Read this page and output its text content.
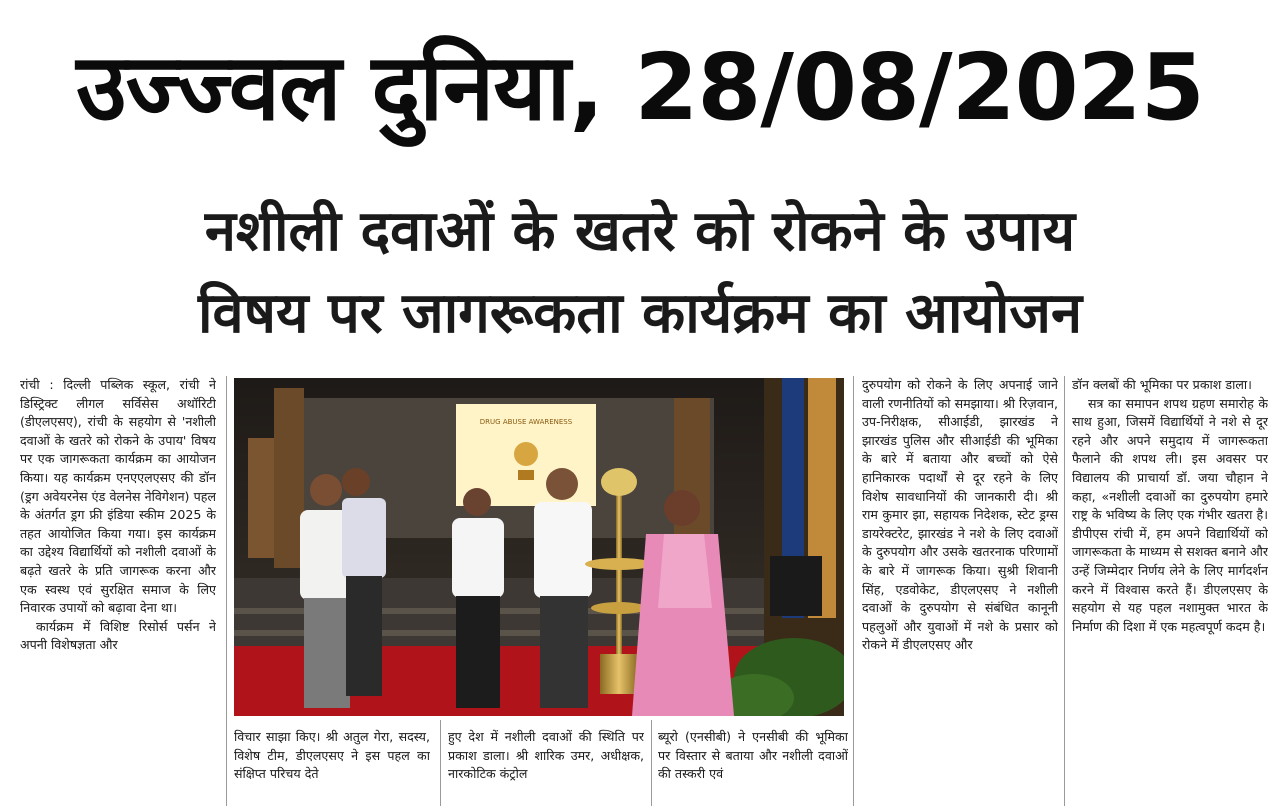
उज्ज्वल दुनिया, 28/08/2025
नशीली दवाओं के खतरे को रोकने के उपाय
विषय पर जागरूकता कार्यक्रम का आयोजन

रांची : दिल्ली पब्लिक स्कूल, रांची ने डिस्ट्रिक्ट लीगल सर्विसेस अथॉरिटी (डीएलएसए), रांची के सहयोग से 'नशीली दवाओं के खतरे को रोकने के उपाय' विषय पर एक जागरूकता कार्यक्रम का आयोजन किया। यह कार्यक्रम एनएएलएसए की डॉन (ड्रग अवेयरनेस एंड वेलनेस नेविगेशन) पहल के अंतर्गत ड्रग फ्री इंडिया स्कीम 2025 के तहत आयोजित किया गया। इस कार्यक्रम का उद्देश्य विद्यार्थियों को नशीली दवाओं के बढ़ते खतरे के प्रति जागरूक करना और एक स्वस्थ एवं सुरक्षित समाज के लिए निवारक उपायों को बढ़ावा देना था।

कार्यक्रम में विशिष्ट रिसोर्स पर्सन ने अपनी विशेषज्ञता और

DRUG ABUSE AWARENESS

विचार साझा किए। श्री अतुल गेरा, सदस्य, विशेष टीम, डीएलएसए ने इस पहल का संक्षिप्त परिचय देते

हुए देश में नशीली दवाओं की स्थिति पर प्रकाश डाला। श्री शारिक उमर, अधीक्षक, नारकोटिक कंट्रोल

ब्यूरो (एनसीबी) ने एनसीबी की भूमिका पर विस्तार से बताया और नशीली दवाओं की तस्करी एवं

दुरुपयोग को रोकने के लिए अपनाई जाने वाली रणनीतियों को समझाया। श्री रिज़वान, उप-निरीक्षक, सीआईडी, झारखंड ने झारखंड पुलिस और सीआईडी की भूमिका के बारे में बताया और बच्चों को ऐसे हानिकारक पदार्थों से दूर रहने के लिए विशेष सावधानियों की जानकारी दी। श्री राम कुमार झा, सहायक निदेशक, स्टेट ड्रग्स डायरेक्टरेट, झारखंड ने नशे के लिए दवाओं के दुरुपयोग और उसके खतरनाक परिणामों के बारे में जागरूक किया। सुश्री शिवानी सिंह, एडवोकेट, डीएलएसए ने नशीली दवाओं के दुरुपयोग से संबंधित कानूनी पहलुओं और युवाओं में नशे के प्रसार को रोकने में डीएलएसए और

डॉन क्लबों की भूमिका पर प्रकाश डाला।

सत्र का समापन शपथ ग्रहण समारोह के साथ हुआ, जिसमें विद्यार्थियों ने नशे से दूर रहने और अपने समुदाय में जागरूकता फैलाने की शपथ ली। इस अवसर पर विद्यालय की प्राचार्या डॉ. जया चौहान ने कहा, «नशीली दवाओं का दुरुपयोग हमारे राष्ट्र के भविष्य के लिए एक गंभीर खतरा है। डीपीएस रांची में, हम अपने विद्यार्थियों को जागरूकता के माध्यम से सशक्त बनाने और उन्हें जिम्मेदार निर्णय लेने के लिए मार्गदर्शन करने में विश्वास करते हैं। डीएलएसए के सहयोग से यह पहल नशामुक्त भारत के निर्माण की दिशा में एक महत्वपूर्ण कदम है।
